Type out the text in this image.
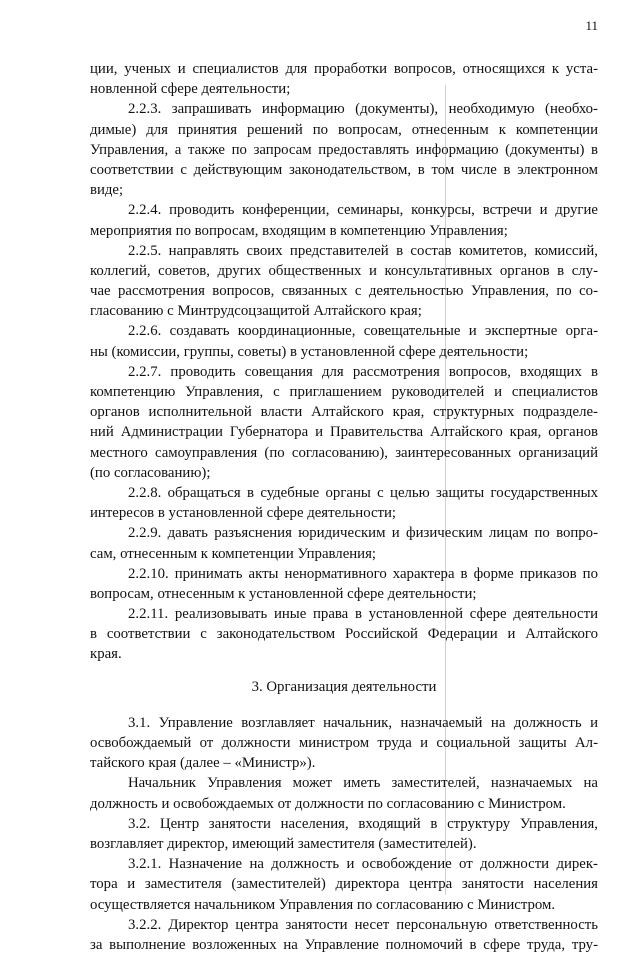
11
ции, ученых и специалистов для проработки вопросов, относящихся к уста-
новленной сфере деятельности;
2.2.3. запрашивать информацию (документы), необходимую (необхо-
димые) для принятия решений по вопросам, отнесенным к компетенции
Управления, а также по запросам предоставлять информацию (документы) в
соответствии с действующим законодательством, в том числе в электронном
виде;
2.2.4. проводить конференции, семинары, конкурсы, встречи и другие
мероприятия по вопросам, входящим в компетенцию Управления;
2.2.5. направлять своих представителей в состав комитетов, комиссий,
коллегий, советов, других общественных и консультативных органов в слу-
чае рассмотрения вопросов, связанных с деятельностью Управления, по со-
гласованию с Минтрудсоцзащитой Алтайского края;
2.2.6. создавать координационные, совещательные и экспертные орга-
ны (комиссии, группы, советы) в установленной сфере деятельности;
2.2.7. проводить совещания для рассмотрения вопросов, входящих в
компетенцию Управления, с приглашением руководителей и специалистов
органов исполнительной власти Алтайского края, структурных подразделе-
ний Администрации Губернатора и Правительства Алтайского края, органов
местного самоуправления (по согласованию), заинтересованных организаций
(по согласованию);
2.2.8. обращаться в судебные органы с целью защиты государственных
интересов в установленной сфере деятельности;
2.2.9. давать разъяснения юридическим и физическим лицам по вопро-
сам, отнесенным к компетенции Управления;
2.2.10. принимать акты ненормативного характера в форме приказов по
вопросам, отнесенным к установленной сфере деятельности;
2.2.11. реализовывать иные права в установленной сфере деятельности
в соответствии с законодательством Российской Федерации и Алтайского
края.
3. Организация деятельности
3.1. Управление возглавляет начальник, назначаемый на должность и
освобождаемый от должности министром труда и социальной защиты Ал-
тайского края (далее – «Министр»).
Начальник Управления может иметь заместителей, назначаемых на
должность и освобождаемых от должности по согласованию с Министром.
3.2. Центр занятости населения, входящий в структуру Управления,
возглавляет директор, имеющий заместителя (заместителей).
3.2.1. Назначение на должность и освобождение от должности дирек-
тора и заместителя (заместителей) директора центра занятости населения
осуществляется начальником Управления по согласованию с Министром.
3.2.2. Директор центра занятости несет персональную ответственность
за выполнение возложенных на Управление полномочий в сфере труда, тру-
